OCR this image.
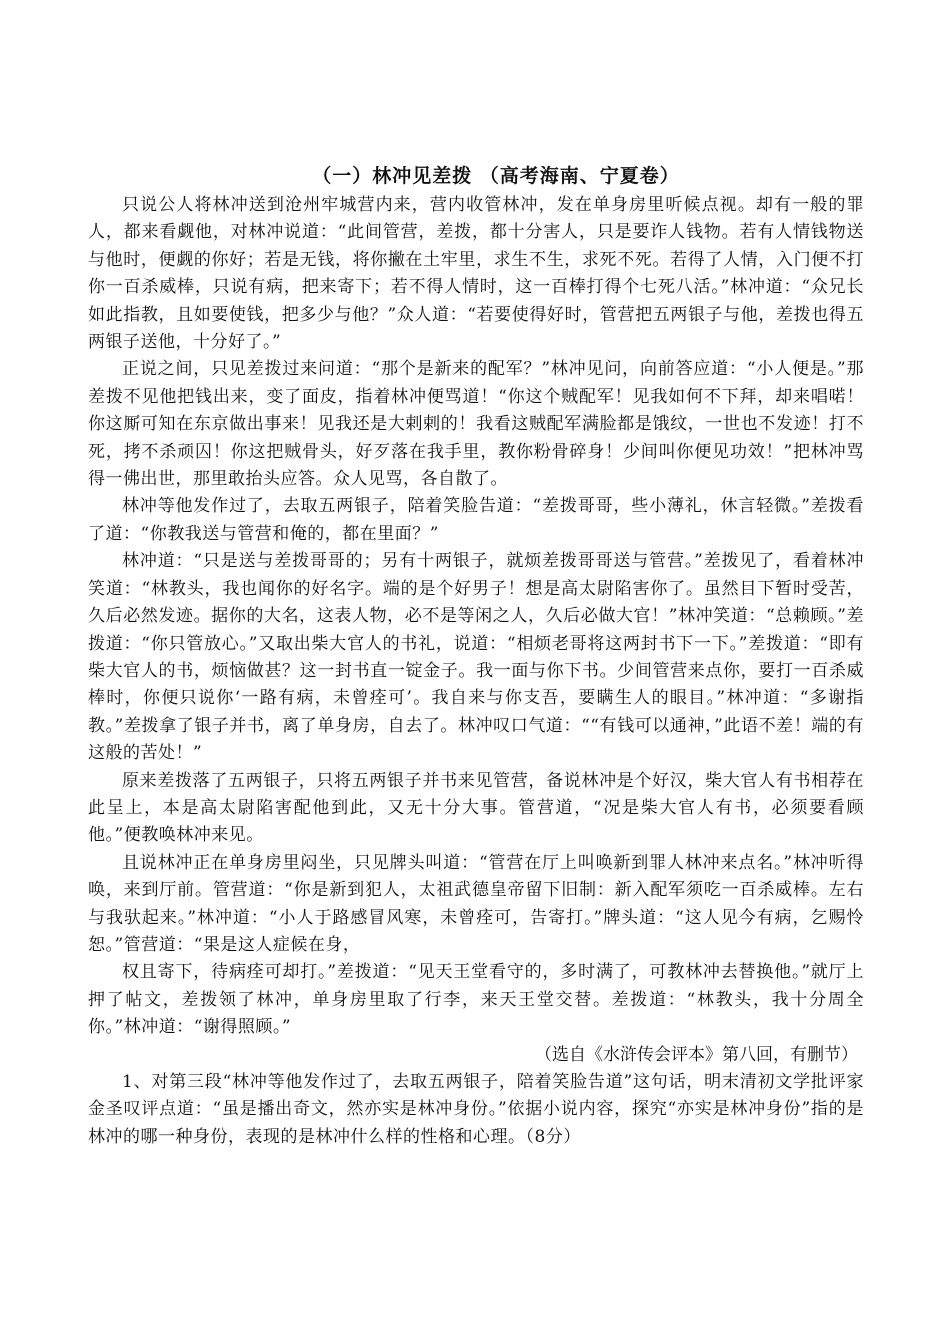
（一）林冲见差拨 （高考海南、宁夏卷）

只说公人将林冲送到沧州牢城营内来，营内收管林冲，发在单身房里听候点视。却有一般的罪人，都来看觑他，对林冲说道：“此间管营，差拨，都十分害人，只是要诈人钱物。若有人情钱物送与他时，便觑的你好；若是无钱，将你撇在土牢里，求生不生，求死不死。若得了人情，入门便不打你一百杀威棒，只说有病，把来寄下；若不得人情时，这一百棒打得个七死八活。”林冲道：“众兄长如此指教，且如要使钱，把多少与他？”众人道：“若要使得好时，管营把五两银子与他，差拨也得五两银子送他，十分好了。”

正说之间，只见差拨过来问道：“那个是新来的配军？”林冲见问，向前答应道：“小人便是。”那差拨不见他把钱出来，变了面皮，指着林冲便骂道！“你这个贼配军！见我如何不下拜，却来唱喏！你这厮可知在东京做出事来！见我还是大剌剌的！我看这贼配军满脸都是饿纹，一世也不发迹！打不死，拷不杀顽囚！你这把贼骨头，好歹落在我手里，教你粉骨碎身！少间叫你便见功效！”把林冲骂得一佛出世，那里敢抬头应答。众人见骂，各自散了。

林冲等他发作过了，去取五两银子，陪着笑脸告道：“差拨哥哥，些小薄礼，休言轻微。”差拨看了道：“你教我送与管营和俺的，都在里面？”

林冲道：“只是送与差拨哥哥的；另有十两银子，就烦差拨哥哥送与管营。”差拨见了，看着林冲笑道：“林教头，我也闻你的好名字。端的是个好男子！想是高太尉陷害你了。虽然目下暂时受苦，久后必然发迹。据你的大名，这表人物，必不是等闲之人，久后必做大官！”林冲笑道：“总赖顾。”差拨道：“你只管放心。”又取出柴大官人的书礼，说道：“相烦老哥将这两封书下一下。”差拨道：“即有柴大官人的书，烦恼做甚？这一封书直一锭金子。我一面与你下书。少间管营来点你，要打一百杀威棒时，你便只说你‘一路有病，未曾痊可’。我自来与你支吾，要瞒生人的眼目。”林冲道：“多谢指教。”差拨拿了银子并书，离了单身房，自去了。林冲叹口气道：““有钱可以通神，”此语不差！端的有这般的苦处！”

原来差拨落了五两银子，只将五两银子并书来见管营，备说林冲是个好汉，柴大官人有书相荐在此呈上，本是高太尉陷害配他到此，又无十分大事。管营道，“况是柴大官人有书，必须要看顾他。”便教唤林冲来见。

且说林冲正在单身房里闷坐，只见牌头叫道：“管营在厅上叫唤新到罪人林冲来点名。”林冲听得唤，来到厅前。管营道：“你是新到犯人，太祖武德皇帝留下旧制：新入配军须吃一百杀威棒。左右与我驮起来。”林冲道：“小人于路感冒风寒，未曾痊可，告寄打。”牌头道：“这人见今有病，乞赐怜恕。”管营道：“果是这人症候在身，

权且寄下，待病痊可却打。”差拨道：“见天王堂看守的，多时满了，可教林冲去替换他。”就厅上押了帖文，差拨领了林冲，单身房里取了行李，来天王堂交替。差拨道：“林教头，我十分周全你。”林冲道：“谢得照顾。”

（选自《水浒传会评本》第八回，有删节）

1、对第三段“林冲等他发作过了，去取五两银子，陪着笑脸告道”这句话，明末清初文学批评家金圣叹评点道：“虽是播出奇文，然亦实是林冲身份。”依据小说内容，探究“亦实是林冲身份”指的是林冲的哪一种身份，表现的是林冲什么样的性格和心理。（8分）
